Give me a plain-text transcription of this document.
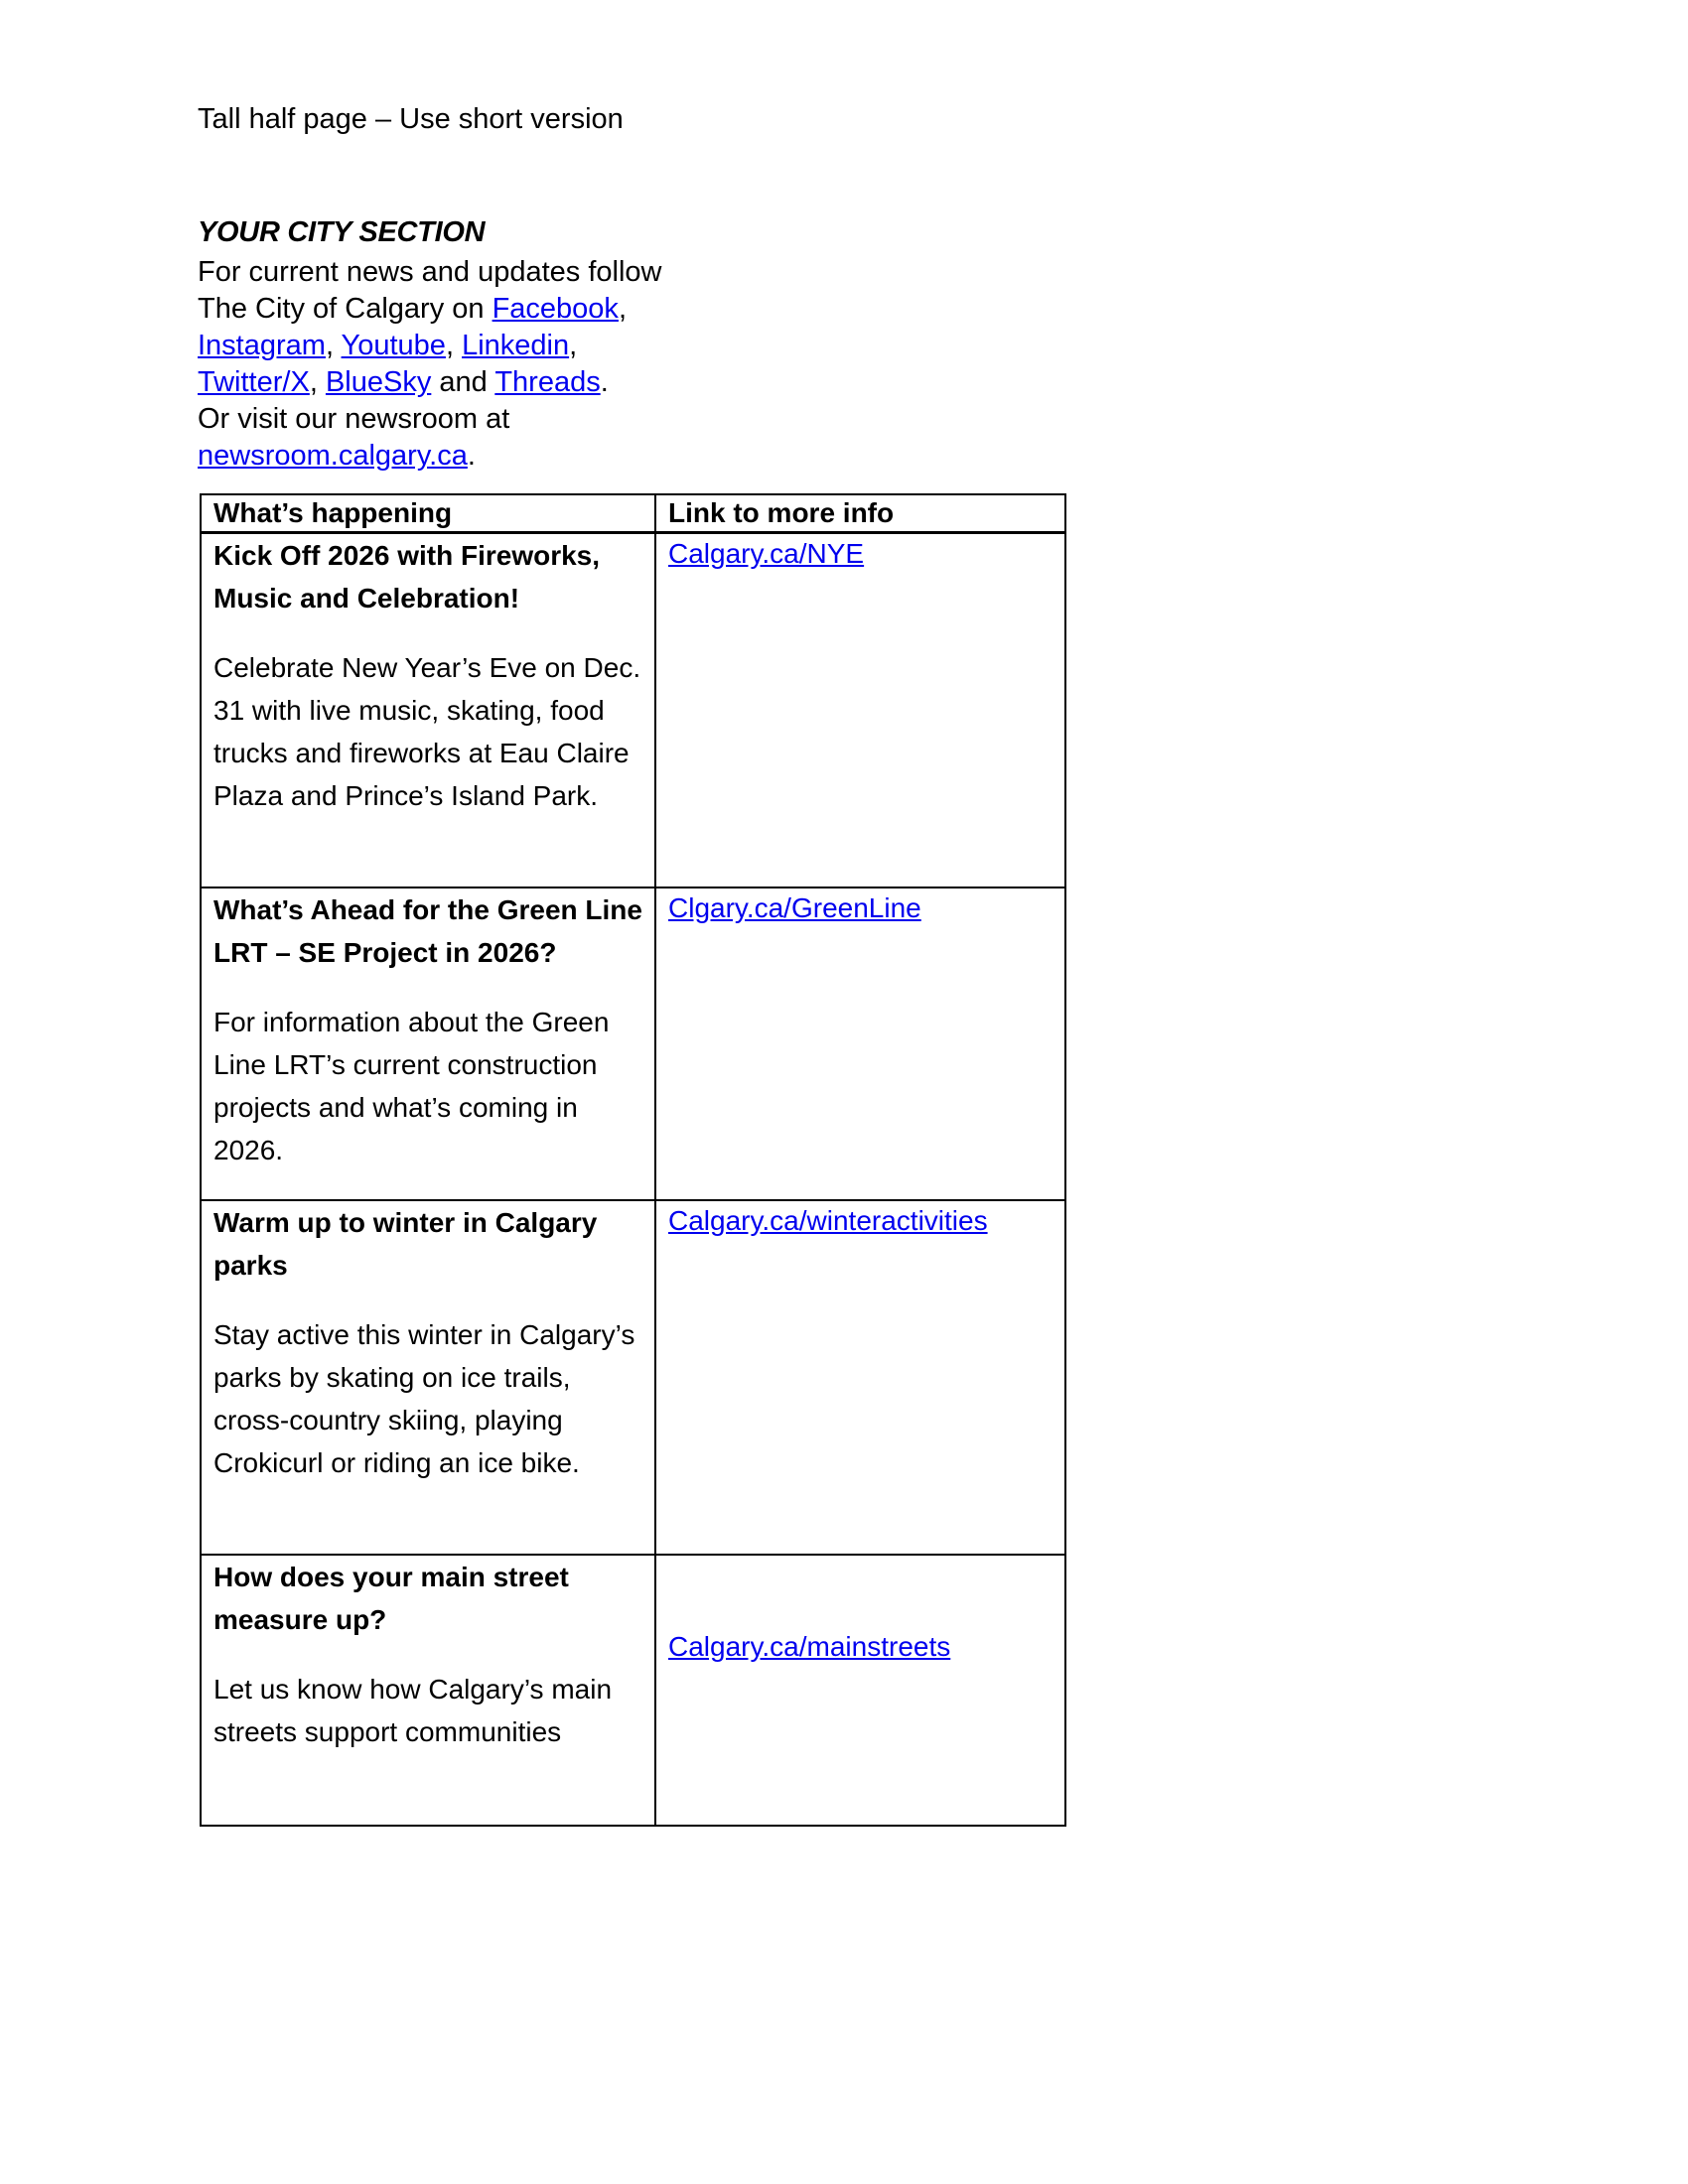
Tall half page – Use short version

YOUR CITY SECTION

For current news and updates follow
The City of Calgary on Facebook,
Instagram, Youtube, Linkedin,
Twitter/X, BlueSky and Threads.
Or visit our newsroom at
newsroom.calgary.ca.

What’s happening	Link to more info

Kick Off 2026 with Fireworks, Music and Celebration!

Celebrate New Year’s Eve on Dec. 31 with live music, skating, food trucks and fireworks at Eau Claire Plaza and Prince’s Island Park.	Calgary.ca/NYE

What’s Ahead for the Green Line LRT – SE Project in 2026?

For information about the Green Line LRT’s current construction projects and what’s coming in 2026.	Clgary.ca/GreenLine

Warm up to winter in Calgary parks

Stay active this winter in Calgary’s parks by skating on ice trails, cross-country skiing, playing Crokicurl or riding an ice bike.	Calgary.ca/winteractivities

How does your main street measure up?

Let us know how Calgary’s main streets support communities	Calgary.ca/mainstreets
